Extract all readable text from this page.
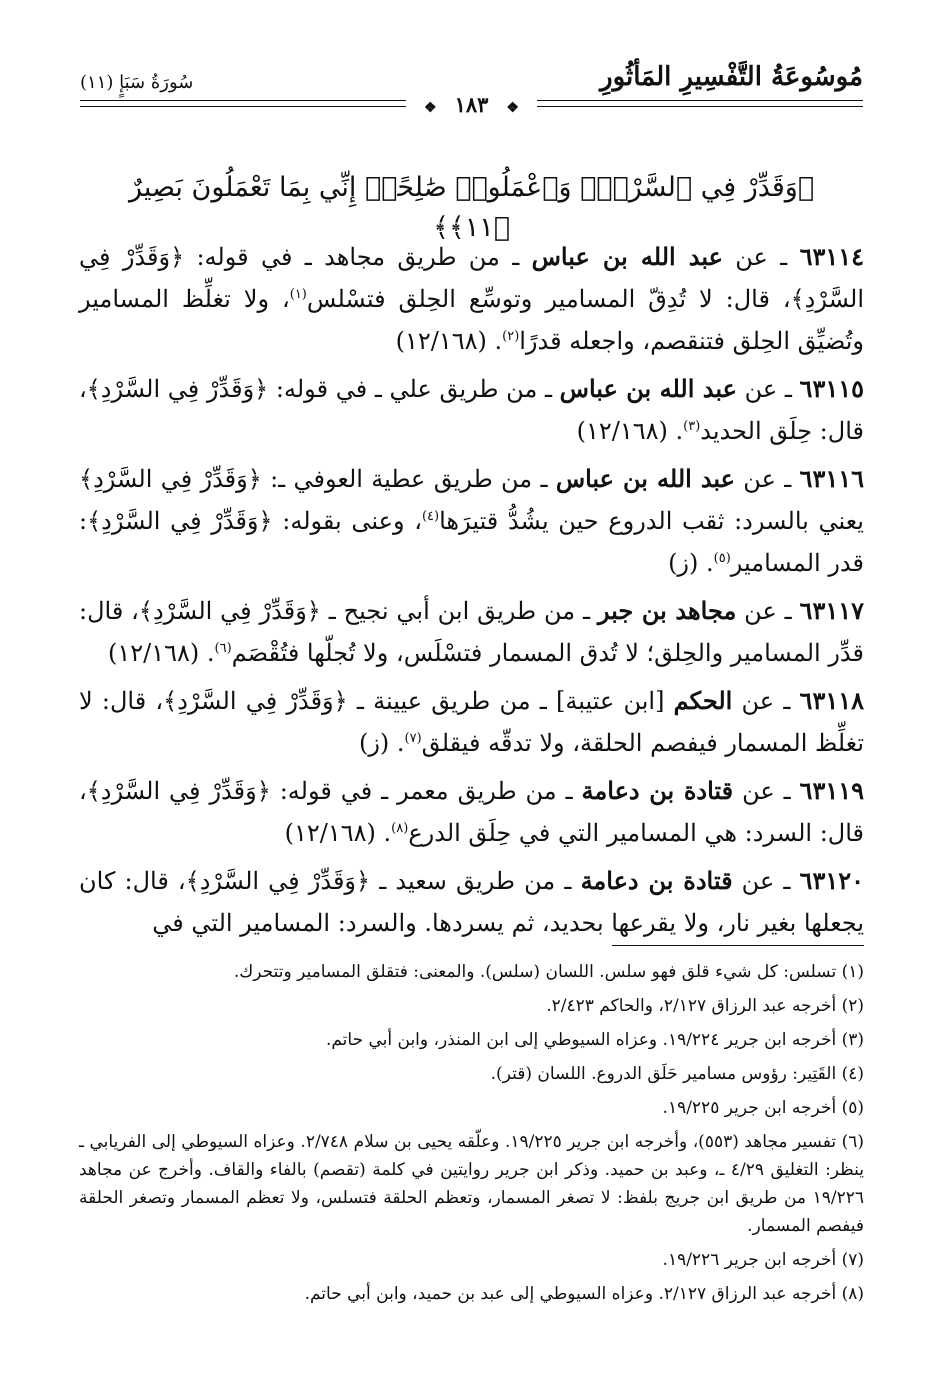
مُوسُوعَةُ التَّفْسِيرِ المَأثُورِ
سُورَةُ سَبَإٍ (١١)
❖١٨٣❖
﴿وَقَدِّرْ فِي ٱلسَّرْدِۖ وَٱعْمَلُوا۟ صَٰلِحًاۖ إِنِّي بِمَا تَعْمَلُونَ بَصِيرٌ ﴿١١﴾﴾

٦٣١١٤ ـ عن عبد الله بن عباس ـ من طريق مجاهد ـ في قوله: ﴿وَقَدِّرْ فِي السَّرْدِ﴾، قال: لا تُدِقّ المسامير وتوسِّع الحِلق فتسْلس$^{(١)}$، ولا تغلِّظ المسامير وتُضيِّق الحِلق فتنقصم، واجعله قدرًا$^{(٢)}$. (١٢/١٦٨)

٦٣١١٥ ـ عن عبد الله بن عباس ـ من طريق علي ـ في قوله: ﴿وَقَدِّرْ فِي السَّرْدِ﴾، قال: حِلَق الحديد$^{(٣)}$. (١٢/١٦٨)

٦٣١١٦ ـ عن عبد الله بن عباس ـ من طريق عطية العوفي ـ: ﴿وَقَدِّرْ فِي السَّرْدِ﴾ يعني بالسرد: ثقب الدروع حين يشُدُّ قتيرَها$^{(٤)}$، وعنى بقوله: ﴿وَقَدِّرْ فِي السَّرْدِ﴾: قدر المسامير$^{(٥)}$. (ز)

٦٣١١٧ ـ عن مجاهد بن جبر ـ من طريق ابن أبي نجيح ـ ﴿وَقَدِّرْ فِي السَّرْدِ﴾، قال: قدِّر المسامير والحِلق؛ لا تُدق المسمار فتسْلَس، ولا تُجلّها فتُقْصَم$^{(٦)}$. (١٢/١٦٨)

٦٣١١٨ ـ عن الحكم [ابن عتيبة] ـ من طريق عيينة ـ ﴿وَقَدِّرْ فِي السَّرْدِ﴾، قال: لا تغلِّظ المسمار فيفصم الحلقة، ولا تدقّه فيقلق$^{(٧)}$. (ز)

٦٣١١٩ ـ عن قتادة بن دعامة ـ من طريق معمر ـ في قوله: ﴿وَقَدِّرْ فِي السَّرْدِ﴾، قال: السرد: هي المسامير التي في حِلَق الدرع$^{(٨)}$. (١٢/١٦٨)

٦٣١٢٠ ـ عن قتادة بن دعامة ـ من طريق سعيد ـ ﴿وَقَدِّرْ فِي السَّرْدِ﴾، قال: كان يجعلها بغير نار، ولا يقرعها بحديد، ثم يسردها. والسرد: المسامير التي في

(١) تسلس: كل شيء قلق فهو سلس. اللسان (سلس). والمعنى: فتقلق المسامير وتتحرك.

(٢) أخرجه عبد الرزاق ٢/١٢٧، والحاكم ٢/٤٢٣.

(٣) أخرجه ابن جرير ١٩/٢٢٤. وعزاه السيوطي إلى ابن المنذر، وابن أبي حاتم.

(٤) القَتِير: رؤوس مسامير حَلَق الدروع. اللسان (قتر).

(٥) أخرجه ابن جرير ١٩/٢٢٥.

(٦) تفسير مجاهد (٥٥٣)، وأخرجه ابن جرير ١٩/٢٢٥. وعلّقه يحيى بن سلام ٢/٧٤٨. وعزاه السيوطي إلى الفريابي ـ ينظر: التغليق ٤/٢٩ ـ، وعبد بن حميد. وذكر ابن جرير روايتين في كلمة (تقصم) بالفاء والقاف. وأخرج عن مجاهد ١٩/٢٢٦ من طريق ابن جريج بلفظ: لا تصغر المسمار، وتعظم الحلقة فتسلس، ولا تعظم المسمار وتصغر الحلقة فيفصم المسمار.

(٧) أخرجه ابن جرير ١٩/٢٢٦.

(٨) أخرجه عبد الرزاق ٢/١٢٧. وعزاه السيوطي إلى عبد بن حميد، وابن أبي حاتم.
